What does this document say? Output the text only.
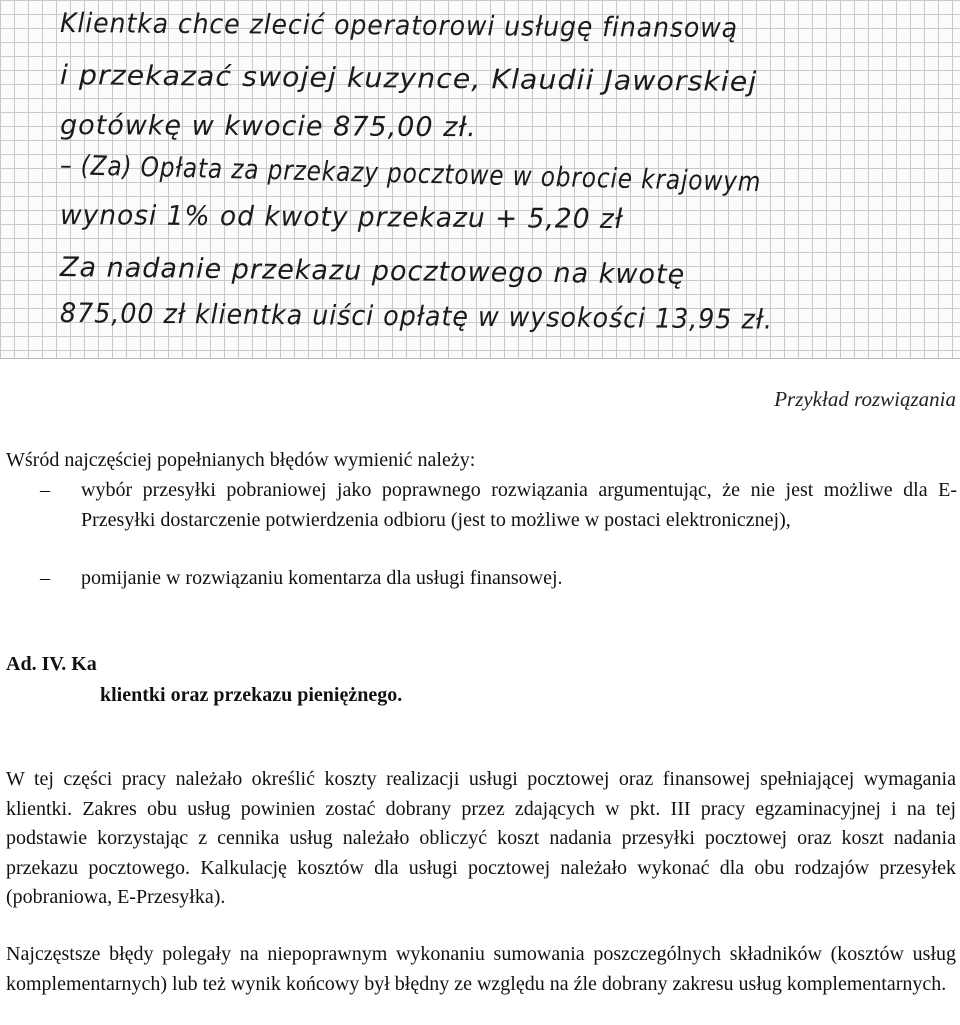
Klientka chce zlecić operatorowi usługę finansową

i przekazać swojej kuzynce, Klaudii Jaworskiej

gotówkę w kwocie 875,00 zł.

– (Za) Opłata za przekazy pocztowe w obrocie krajowym

wynosi 1% od kwoty przekazu + 5,20 zł

Za nadanie przekazu pocztowego na kwotę

875,00 zł klientka uiści opłatę w wysokości 13,95 zł.

Przykład rozwiązania
Wśród najczęściej popełnianych błędów wymienić należy:
– wybór przesyłki pobraniowej jako poprawnego rozwiązania argumentując, że nie jest możliwe dla E-Przesyłki dostarczenie potwierdzenia odbioru (jest to możliwe w postaci elektronicznej),
– pomijanie w rozwiązaniu komentarza dla usługi finansowej.
Ad. IV. Ka
klientki oraz przekazu pieniężnego.
W tej części pracy należało określić koszty realizacji usługi pocztowej oraz finansowej spełniającej wymagania klientki. Zakres obu usług powinien zostać dobrany przez zdających w pkt. III pracy egzaminacyjnej i na tej podstawie korzystając z cennika usług należało obliczyć koszt nadania przesyłki pocztowej oraz koszt nadania przekazu pocztowego. Kalkulację kosztów dla usługi pocztowej należało wykonać dla obu rodzajów przesyłek (pobraniowa, E-Przesyłka).
Najczęstsze błędy polegały na niepoprawnym wykonaniu sumowania poszczególnych składników (kosztów usług komplementarnych) lub też wynik końcowy był błędny ze względu na źle dobrany zakresu usług komplementarnych.
